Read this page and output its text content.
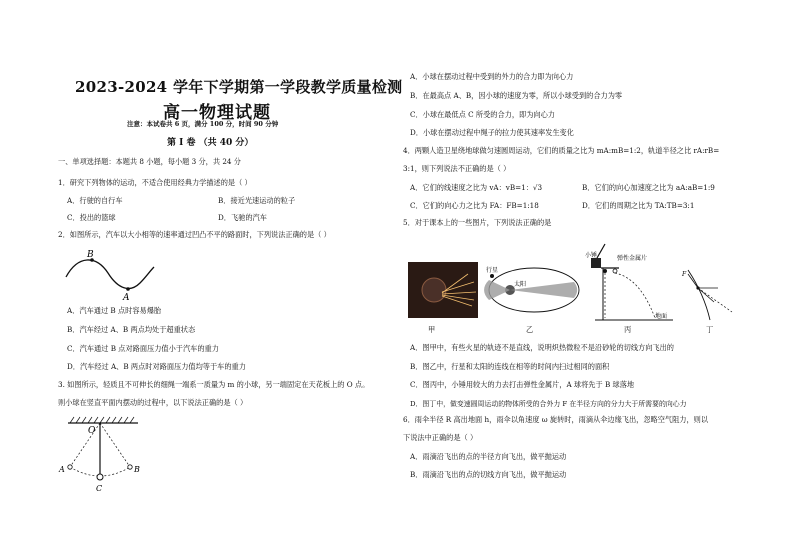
2023-2024 学年下学期第一学段教学质量检测
高一物理试题
注意：本试卷共 6 页，满分 100 分，时间 90 分钟
第 I 卷 （共 40 分）
一、单项选择题：本题共 8 小题，每小题 3 分，共 24 分
1．研究下列物体的运动，不适合使用经典力学描述的是（ ）
A．行驶的自行车	B．接近光速运动的粒子
C．投出的篮球	D．飞驰的汽车
2．如图所示，汽车以大小相等的速率通过凹凸不平的路面时，下列说法正确的是（ ）
B
A
A．汽车通过 B 点时容易爆胎
B．汽车经过 A、B 两点均处于超重状态
C．汽车通过 B 点对路面压力值小于汽车的重力
D．汽车经过 A、B 两点时对路面压力值均等于车的重力
3. 如图所示，轻质且不可伸长的细绳一端系一质量为 m 的小球，另一端固定在天花板上的 O 点。
则小球在竖直平面内摆动的过程中，以下说法正确的是（ ）
O
A	B
C
A．小球在摆动过程中受到的外力的合力即为向心力
B．在最高点 A、B，因小球的速度为零，所以小球受到的合力为零
C．小球在最低点 C 所受的合力，即为向心力
D．小球在摆动过程中绳子的拉力使其速率发生变化
4．两颗人造卫星绕地球做匀速圆周运动，它们的质量之比为 mA:mB=1:2，轨道半径之比 rA:rB=
3:1，则下列说法不正确的是（ ）
A．它们的线速度之比为 vA：vB=1：√3	B．它们的向心加速度之比为 aA:aB=1:9
C．它们的向心力之比为 FA：FB=1:18	D．它们的周期之比为 TA:TB=3:1
5．对于课本上的一些图片，下列说法正确的是
行星
太阳
小锤	弹性金属片
地面
F
甲	乙	丙	丁
A．图甲中，有些火星的轨迹不是直线，说明炽热微粒不是沿砂轮的切线方向飞出的
B．图乙中，行星和太阳的连线在相等的时间内扫过相同的面积
C．图丙中，小锤用较大的力去打击弹性金属片，A 球将先于 B 球落地
D．图丁中，做变速圆周运动的物体所受的合外力 F 在半径方向的分力大于所需要的向心力
6．雨伞半径 R 高出地面 h，雨伞以角速度 ω 旋转时，雨滴从伞边缘飞出，忽略空气阻力，则以
下说法中正确的是（ ）
A．雨滴沿飞出的点的半径方向飞出，做平抛运动
B．雨滴沿飞出的点的切线方向飞出，做平抛运动
